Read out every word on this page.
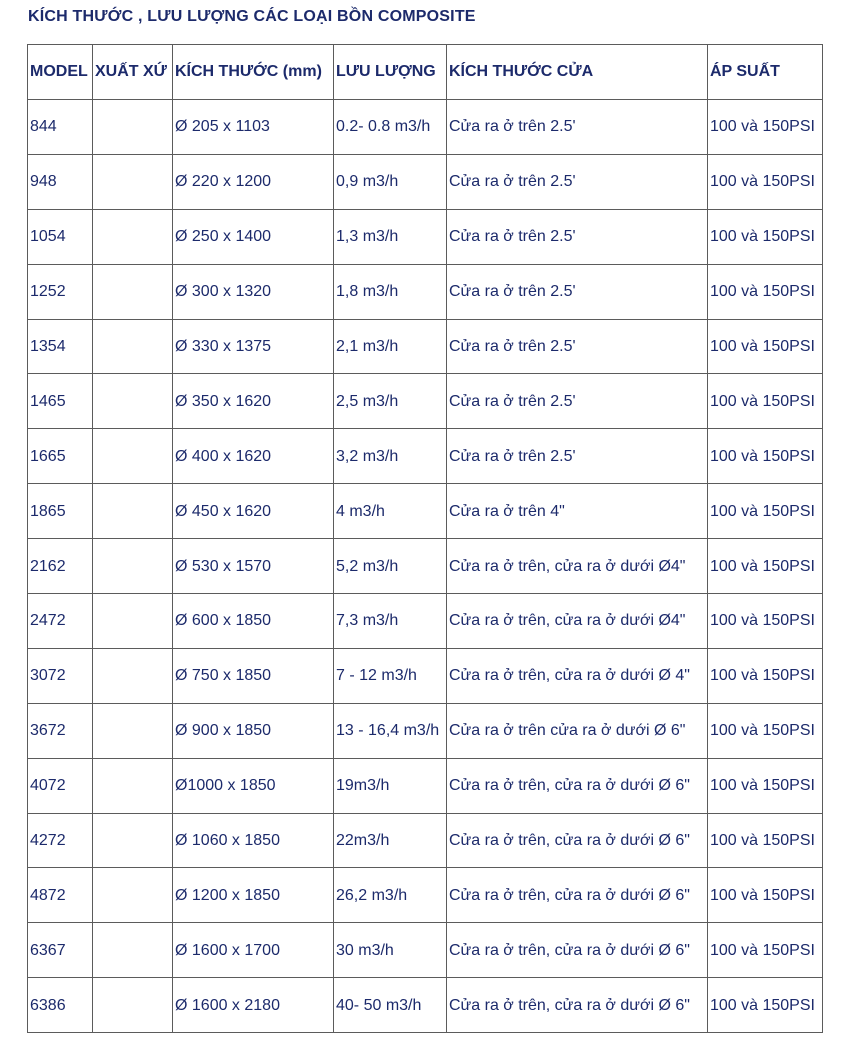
KÍCH THƯỚC , LƯU LƯỢNG CÁC LOẠI BỒN COMPOSITE
MODEL	XUẤT XỨ	KÍCH THƯỚC (mm)	LƯU LƯỢNG	KÍCH THƯỚC CỬA	ÁP SUẤT
844		Ø 205 x 1103	0.2- 0.8 m3/h	Cửa ra ở trên 2.5'	100 và 150PSI
948		Ø 220 x 1200	0,9 m3/h	Cửa ra ở trên 2.5'	100 và 150PSI
1054		Ø 250 x 1400	1,3 m3/h	Cửa ra ở trên 2.5'	100 và 150PSI
1252		Ø 300 x 1320	1,8 m3/h	Cửa ra ở trên 2.5'	100 và 150PSI
1354		Ø 330 x 1375	2,1 m3/h	Cửa ra ở trên 2.5'	100 và 150PSI
1465		Ø 350 x 1620	2,5 m3/h	Cửa ra ở trên 2.5'	100 và 150PSI
1665		Ø 400 x 1620	3,2 m3/h	Cửa ra ở trên 2.5'	100 và 150PSI
1865		Ø 450 x 1620	4 m3/h	Cửa ra ở trên 4"	100 và 150PSI
2162		Ø 530 x 1570	5,2 m3/h	Cửa ra ở trên, cửa ra ở dưới Ø4"	100 và 150PSI
2472		Ø 600 x 1850	7,3 m3/h	Cửa ra ở trên, cửa ra ở dưới Ø4"	100 và 150PSI
3072		Ø 750 x 1850	7 - 12 m3/h	Cửa ra ở trên, cửa ra ở dưới Ø 4"	100 và 150PSI
3672		Ø 900 x 1850	13 - 16,4 m3/h	Cửa ra ở trên cửa ra ở dưới Ø 6"	100 và 150PSI
4072		Ø1000 x 1850	19m3/h	Cửa ra ở trên, cửa ra ở dưới Ø 6"	100 và 150PSI
4272		Ø 1060 x 1850	22m3/h	Cửa ra ở trên, cửa ra ở dưới Ø 6"	100 và 150PSI
4872		Ø 1200 x 1850	26,2 m3/h	Cửa ra ở trên, cửa ra ở dưới Ø 6"	100 và 150PSI
6367		Ø 1600 x 1700	30 m3/h	Cửa ra ở trên, cửa ra ở dưới Ø 6"	100 và 150PSI
6386		Ø 1600 x 2180	40- 50 m3/h	Cửa ra ở trên, cửa ra ở dưới Ø 6"	100 và 150PSI
